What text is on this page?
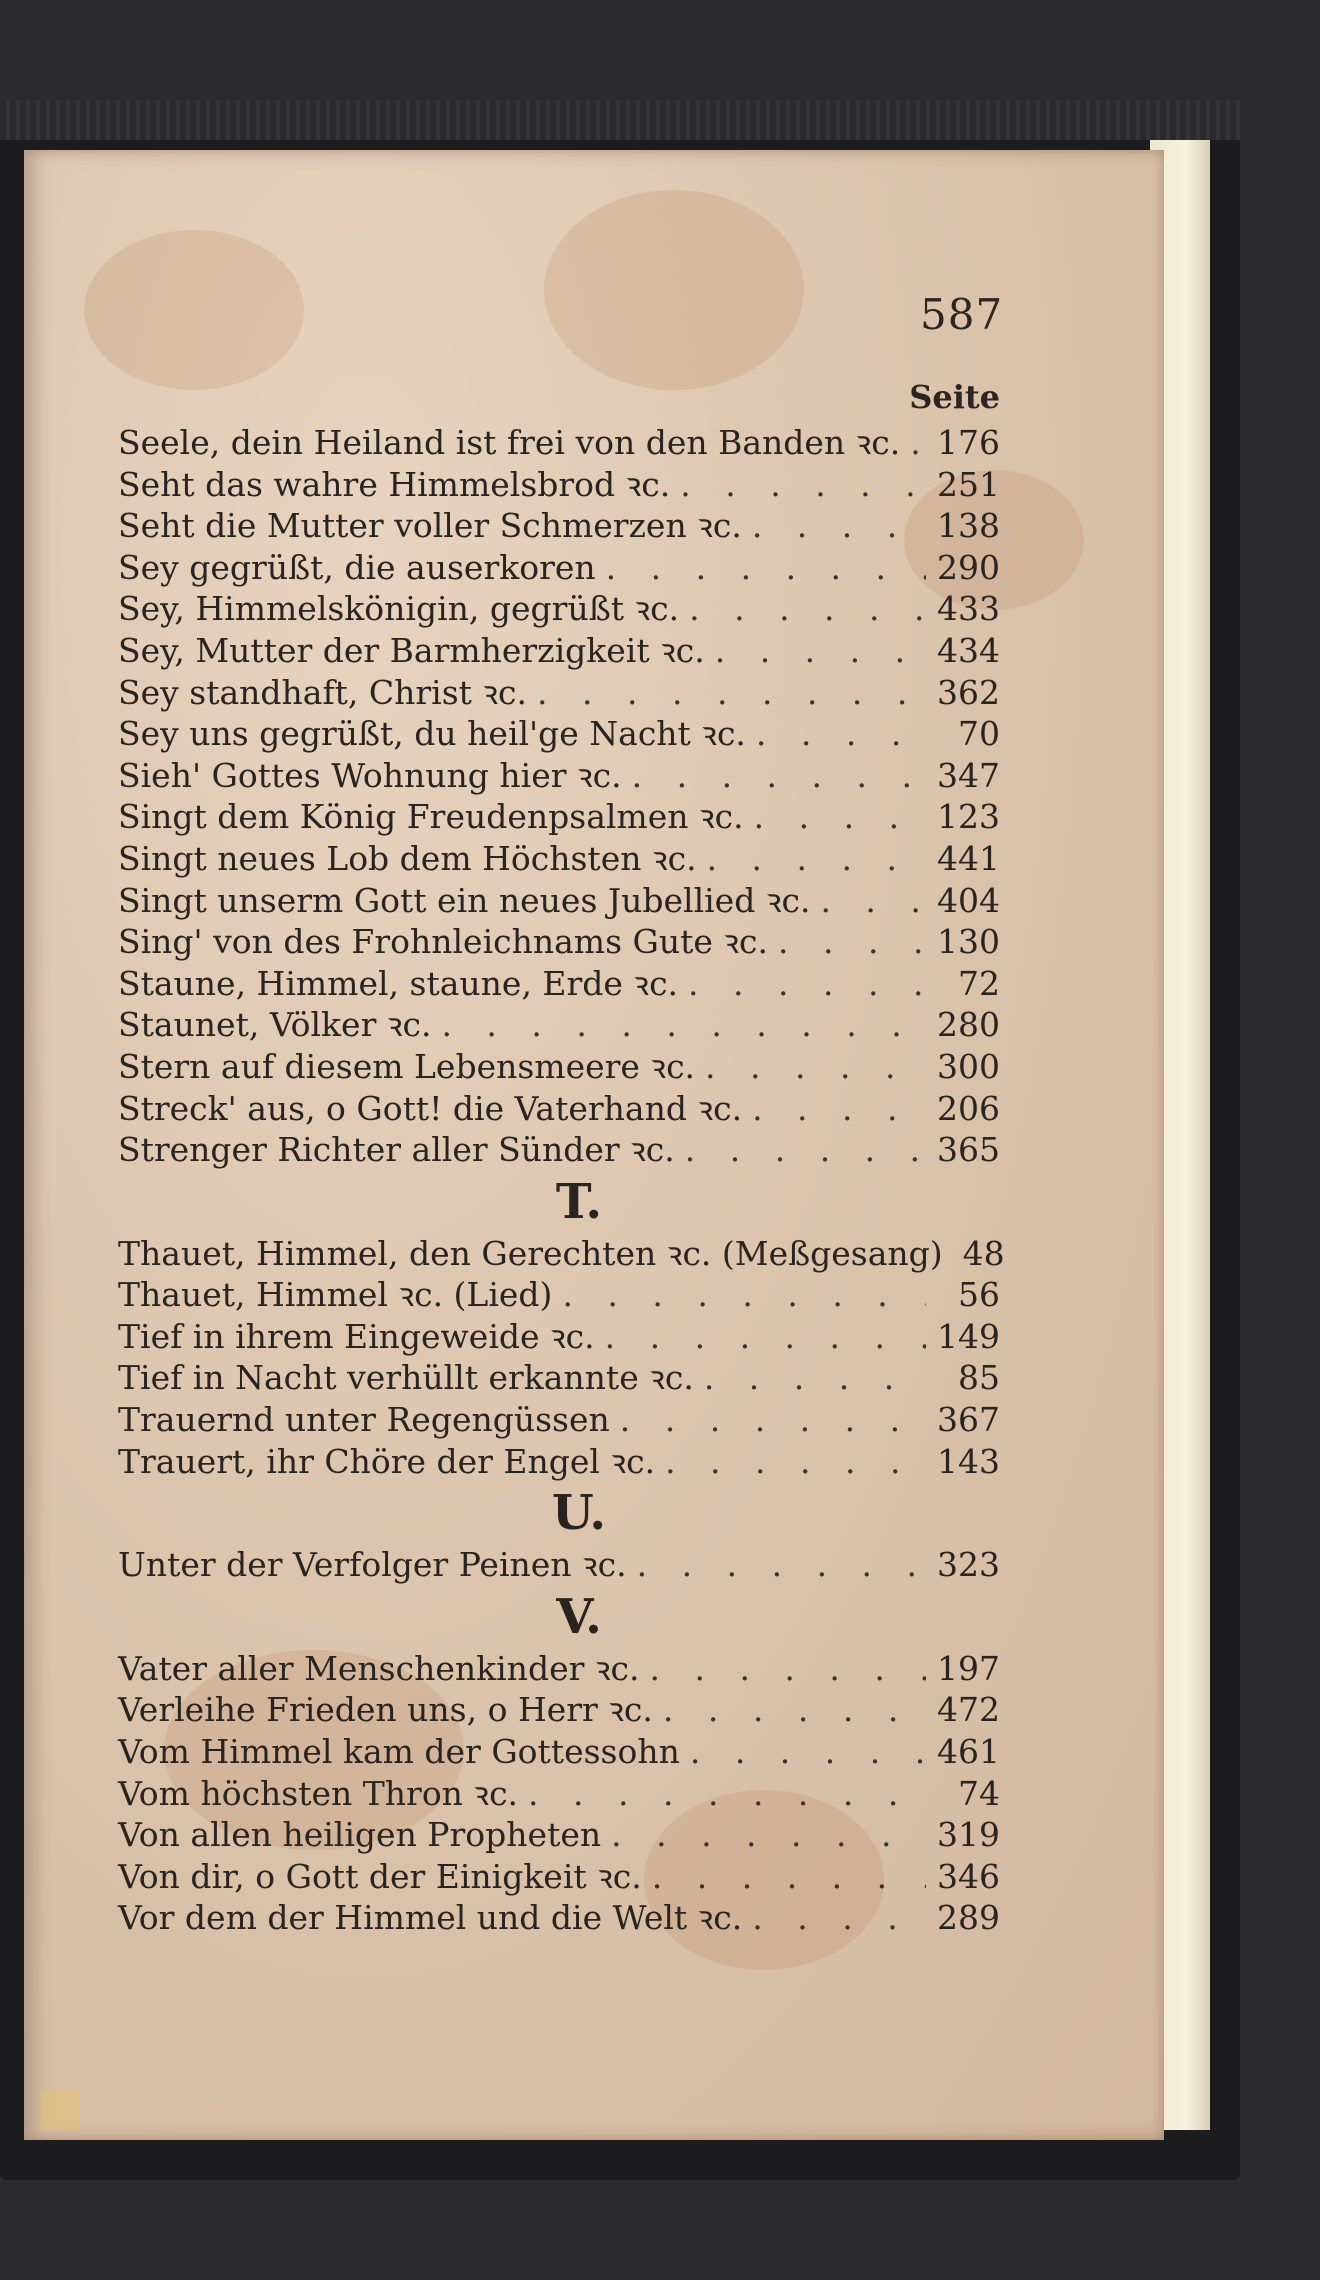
587
Seite
Seele, dein Heiland ist frei von den Banden ꝛc. . . . 176
Seht das wahre Himmelsbrod ꝛc. . . .	251
Seht die Mutter voller Schmerzen ꝛc. . . .	138
Sey gegrüßt, die auserkoren . . .	290
Sey, Himmelskönigin, gegrüßt ꝛc. . . .	433
Sey, Mutter der Barmherzigkeit ꝛc. . . .	434
Sey standhaft, Christ ꝛc. . . .	362
Sey uns gegrüßt, du heil'ge Nacht ꝛc. . . .	70
Sieh' Gottes Wohnung hier ꝛc. . . .	347
Singt dem König Freudenpsalmen ꝛc. . . .	123
Singt neues Lob dem Höchsten ꝛc. . . .	441
Singt unserm Gott ein neues Jubellied ꝛc. . . .	404
Sing' von des Frohnleichnams Gute ꝛc. . . .	130
Staune, Himmel, staune, Erde ꝛc. . . .	72
Staunet, Völker ꝛc. . . .	280
Stern auf diesem Lebensmeere ꝛc. . . .	300
Streck' aus, o Gott! die Vaterhand ꝛc. . . .	206
Strenger Richter aller Sünder ꝛc. . . .	365
T.
Thauet, Himmel, den Gerechten ꝛc. (Meßgesang) 48
Thauet, Himmel ꝛc. (Lied) . . .	56
Tief in ihrem Eingeweide ꝛc. . . .	149
Tief in Nacht verhüllt erkannte ꝛc. . . .	85
Trauernd unter Regengüssen . . .	367
Trauert, ihr Chöre der Engel ꝛc. . . .	143
U.
Unter der Verfolger Peinen ꝛc. . . .	323
V.
Vater aller Menschenkinder ꝛc. . . .	197
Verleihe Frieden uns, o Herr ꝛc. . . .	472
Vom Himmel kam der Gottessohn . . .	461
Vom höchsten Thron ꝛc. . . .	74
Von allen heiligen Propheten . . .	319
Von dir, o Gott der Einigkeit ꝛc. . . .	346
Vor dem der Himmel und die Welt ꝛc. . . .	289
